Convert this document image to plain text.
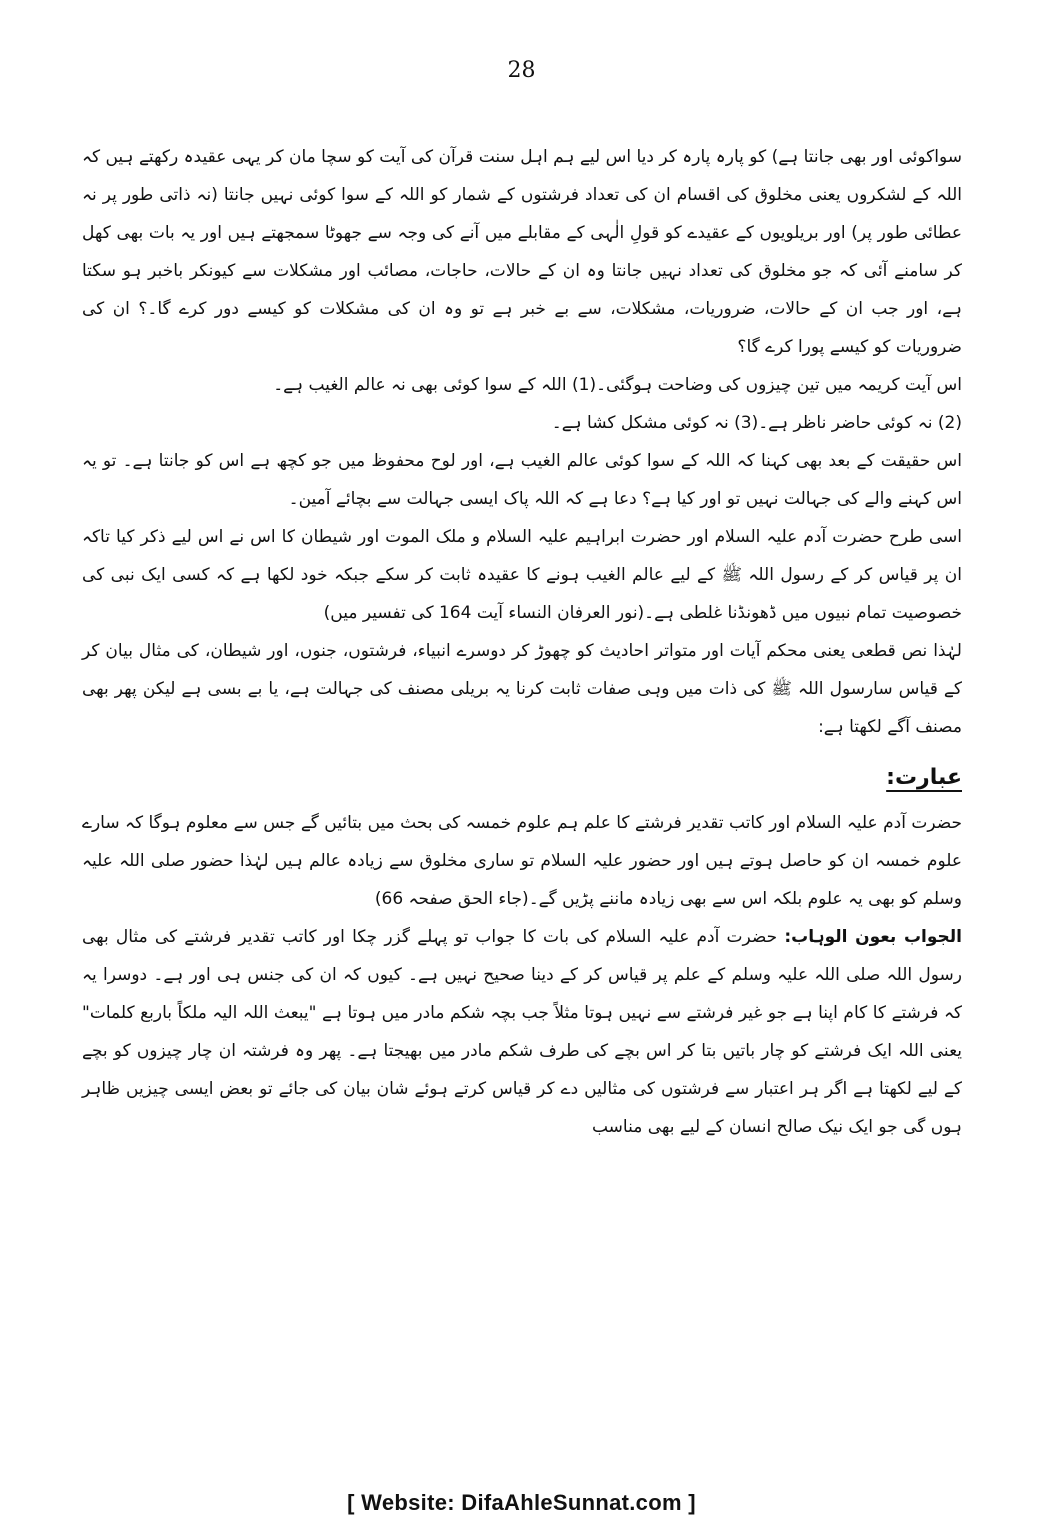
28

سواکوئی اور بھی جانتا ہے) کو پارہ پارہ کر دیا اس لیے ہم اہل سنت قرآن کی آیت کو سچا مان کر یہی عقیدہ رکھتے ہیں کہ اللہ کے لشکروں یعنی مخلوق کی اقسام ان کی تعداد فرشتوں کے شمار کو اللہ کے سوا کوئی نہیں جانتا (نہ ذاتی طور پر نہ عطائی طور پر) اور بریلویوں کے عقیدے کو قولِ الٰہی کے مقابلے میں آنے کی وجہ سے جھوٹا سمجھتے ہیں اور یہ بات بھی کھل کر سامنے آئی کہ جو مخلوق کی تعداد نہیں جانتا وہ ان کے حالات، حاجات، مصائب اور مشکلات سے کیونکر باخبر ہو سکتا ہے، اور جب ان کے حالات، ضروریات، مشکلات، سے بے خبر ہے تو وہ ان کی مشکلات کو کیسے دور کرے گا۔؟ ان کی ضروریات کو کیسے پورا کرے گا؟

اس آیت کریمہ میں تین چیزوں کی وضاحت ہوگئی۔(1) اللہ کے سوا کوئی بھی نہ عالم الغیب ہے۔

(2) نہ کوئی حاضر ناظر ہے۔(3) نہ کوئی مشکل کشا ہے۔

اس حقیقت کے بعد بھی کہنا کہ اللہ کے سوا کوئی عالم الغیب ہے، اور لوح محفوظ میں جو کچھ ہے اس کو جانتا ہے۔ تو یہ اس کہنے والے کی جہالت نہیں تو اور کیا ہے؟ دعا ہے کہ اللہ پاک ایسی جہالت سے بچائے آمین۔

اسی طرح حضرت آدم علیہ السلام اور حضرت ابراہیم علیہ السلام و ملک الموت اور شیطان کا اس نے اس لیے ذکر کیا تاکہ ان پر قیاس کر کے رسول اللہ ﷺ کے لیے عالم الغیب ہونے کا عقیدہ ثابت کر سکے جبکہ خود لکھا ہے کہ کسی ایک نبی کی خصوصیت تمام نبیوں میں ڈھونڈنا غلطی ہے۔(نور العرفان النساء آیت 164 کی تفسیر میں)

لہٰذا نص قطعی یعنی محکم آیات اور متواتر احادیث کو چھوڑ کر دوسرے انبیاء، فرشتوں، جنوں، اور شیطان، کی مثال بیان کر کے قیاس سارسول اللہ ﷺ کی ذات میں وہی صفات ثابت کرنا یہ بریلی مصنف کی جہالت ہے، یا بے بسی ہے لیکن پھر بھی مصنف آگے لکھتا ہے:

عبارت:

حضرت آدم علیہ السلام اور کاتب تقدیر فرشتے کا علم ہم علوم خمسہ کی بحث میں بتائیں گے جس سے معلوم ہوگا کہ سارے علوم خمسہ ان کو حاصل ہوتے ہیں اور حضور علیہ السلام تو ساری مخلوق سے زیادہ عالم ہیں لہٰذا حضور صلی اللہ علیہ وسلم کو بھی یہ علوم بلکہ اس سے بھی زیادہ ماننے پڑیں گے۔(جاء الحق صفحہ 66)

الجواب بعون الوہاب: حضرت آدم علیہ السلام کی بات کا جواب تو پہلے گزر چکا اور کاتب تقدیر فرشتے کی مثال بھی رسول اللہ صلی اللہ علیہ وسلم کے علم پر قیاس کر کے دینا صحیح نہیں ہے۔ کیوں کہ ان کی جنس ہی اور ہے۔ دوسرا یہ کہ فرشتے کا کام اپنا ہے جو غیر فرشتے سے نہیں ہوتا مثلاً جب بچہ شکم مادر میں ہوتا ہے "یبعث اللہ الیہ ملکاً باربع کلمات" یعنی اللہ ایک فرشتے کو چار باتیں بتا کر اس بچے کی طرف شکم مادر میں بھیجتا ہے۔ پھر وہ فرشتہ ان چار چیزوں کو بچے کے لیے لکھتا ہے اگر ہر اعتبار سے فرشتوں کی مثالیں دے کر قیاس کرتے ہوئے شان بیان کی جائے تو بعض ایسی چیزیں ظاہر ہوں گی جو ایک نیک صالح انسان کے لیے بھی مناسب

[ Website: DifaAhleSunnat.com ]
